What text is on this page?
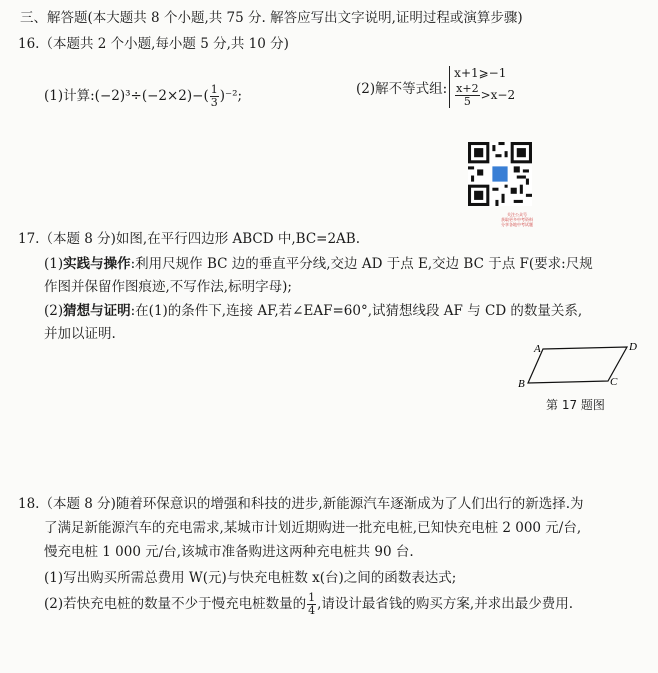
三、解答题(本大题共 8 个小题,共 75 分. 解答应写出文字说明,证明过程或演算步骤)
16.（本题共 2 个小题,每小题 5 分,共 10 分)
(1)计算:(−2)³÷(−2×2)−( $\frac{1}{3} )^{-2}$;	(2)解不等式组:
x+1⩾−1
$\frac{x+2}{5} >x-2$
关注公众号
获取更多中考资料
分享各地中考试题
17.（本题 8 分)如图,在平行四边形 ABCD 中,BC=2AB.
(1)实践与操作:利用尺规作 BC 边的垂直平分线,交边 AD 于点 E,交边 BC 于点 F(要求:尺规
作图并保留作图痕迹,不写作法,标明字母);
(2)猜想与证明:在(1)的条件下,连接 AF,若∠EAF=60°,试猜想线段 AF 与 CD 的数量关系,
并加以证明.
A	D
B	C
第 17 题图
18.（本题 8 分)随着环保意识的增强和科技的进步,新能源汽车逐渐成为了人们出行的新选择.为
了满足新能源汽车的充电需求,某城市计划近期购进一批充电桩,已知快充电桩 2 000 元/台,
慢充电桩 1 000 元/台,该城市准备购进这两种充电桩共 90 台.
(1)写出购买所需总费用 W(元)与快充电桩数 x(台)之间的函数表达式;
(2)若快充电桩的数量不少于慢充电桩数量的 $\frac{1}{4}$ ,请设计最省钱的购买方案,并求出最少费用.
